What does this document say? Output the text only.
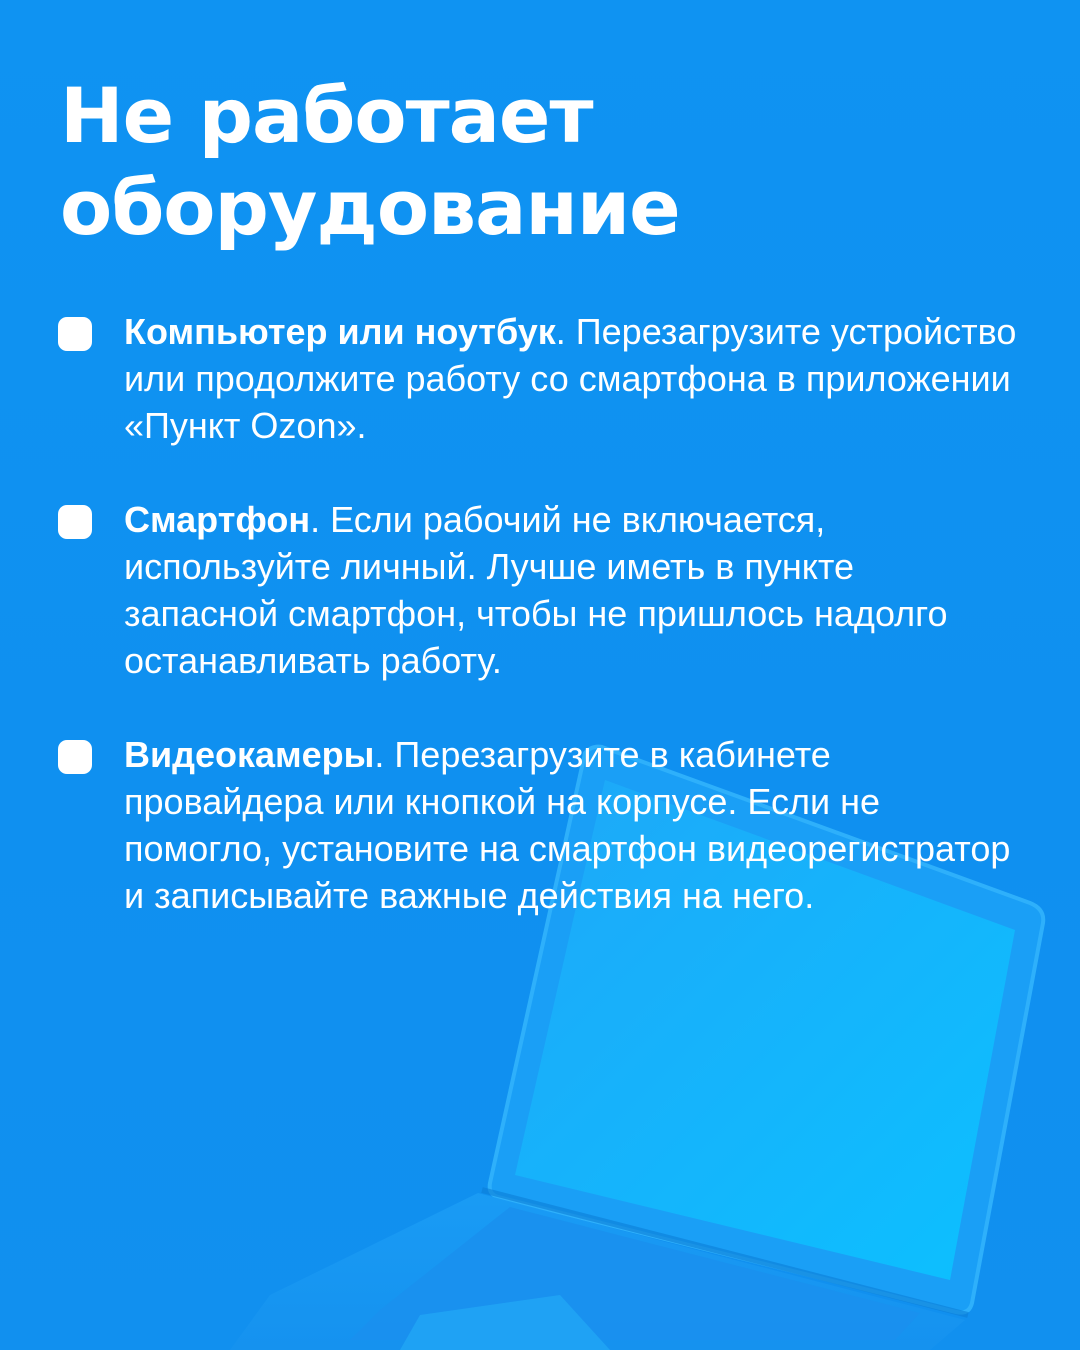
Не работает
оборудование
Компьютер или ноутбук. Перезагрузите устройство или продолжите работу со смартфона в приложении «Пункт Ozon».
Смартфон. Если рабочий не включается, используйте личный. Лучше иметь в пункте запасной смартфон, чтобы не пришлось надолго останавливать работу.
Видеокамеры. Перезагрузите в кабинете провайдера или кнопкой на корпусе. Если не помогло, установите на смартфон видеорегистратор и записывайте важные действия на него.
